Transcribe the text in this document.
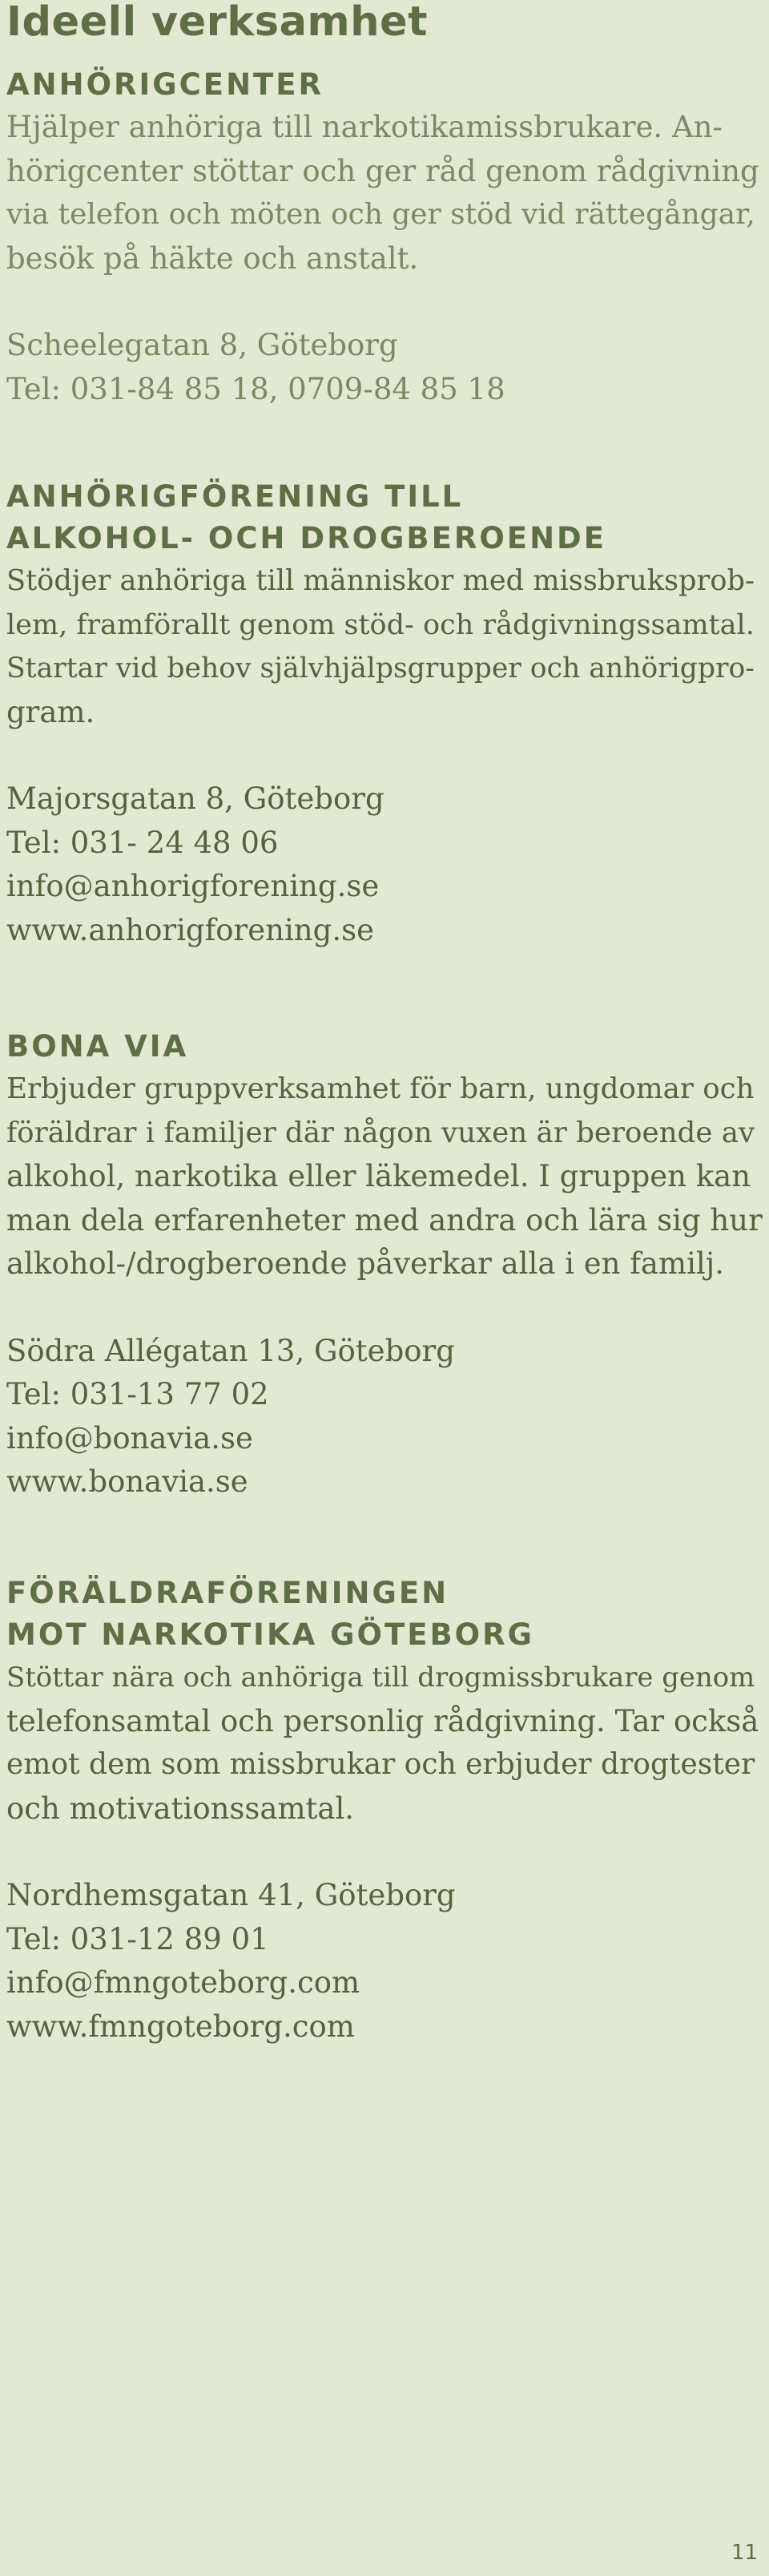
Ideell verksamhet
ANHÖRIGCENTER
Hjälper anhöriga till narkotikamissbrukare. An-
hörigcenter stöttar och ger råd genom rådgivning
via telefon och möten och ger stöd vid rättegångar,
besök på häkte och anstalt.
Scheelegatan 8, Göteborg
Tel: 031-84 85 18, 0709-84 85 18
ANHÖRIGFÖRENING TILL
ALKOHOL- OCH DROGBEROENDE
Stödjer anhöriga till människor med missbruksprob-
lem, framförallt genom stöd- och rådgivningssamtal.
Startar vid behov självhjälpsgrupper och anhörigpro-
gram.
Majorsgatan 8, Göteborg
Tel: 031- 24 48 06
info@anhorigforening.se
www.anhorigforening.se
BONA VIA
Erbjuder gruppverksamhet för barn, ungdomar och
föräldrar i familjer där någon vuxen är beroende av
alkohol, narkotika eller läkemedel. I gruppen kan
man dela erfarenheter med andra och lära sig hur
alkohol-/drogberoende påverkar alla i en familj.
Södra Allégatan 13, Göteborg
Tel: 031-13 77 02
info@bonavia.se
www.bonavia.se
FÖRÄLDRAFÖRENINGEN
MOT NARKOTIKA GÖTEBORG
Stöttar nära och anhöriga till drogmissbrukare genom
telefonsamtal och personlig rådgivning. Tar också
emot dem som missbrukar och erbjuder drogtester
och motivationssamtal.
Nordhemsgatan 41, Göteborg
Tel: 031-12 89 01
info@fmngoteborg.com
www.fmngoteborg.com
11
